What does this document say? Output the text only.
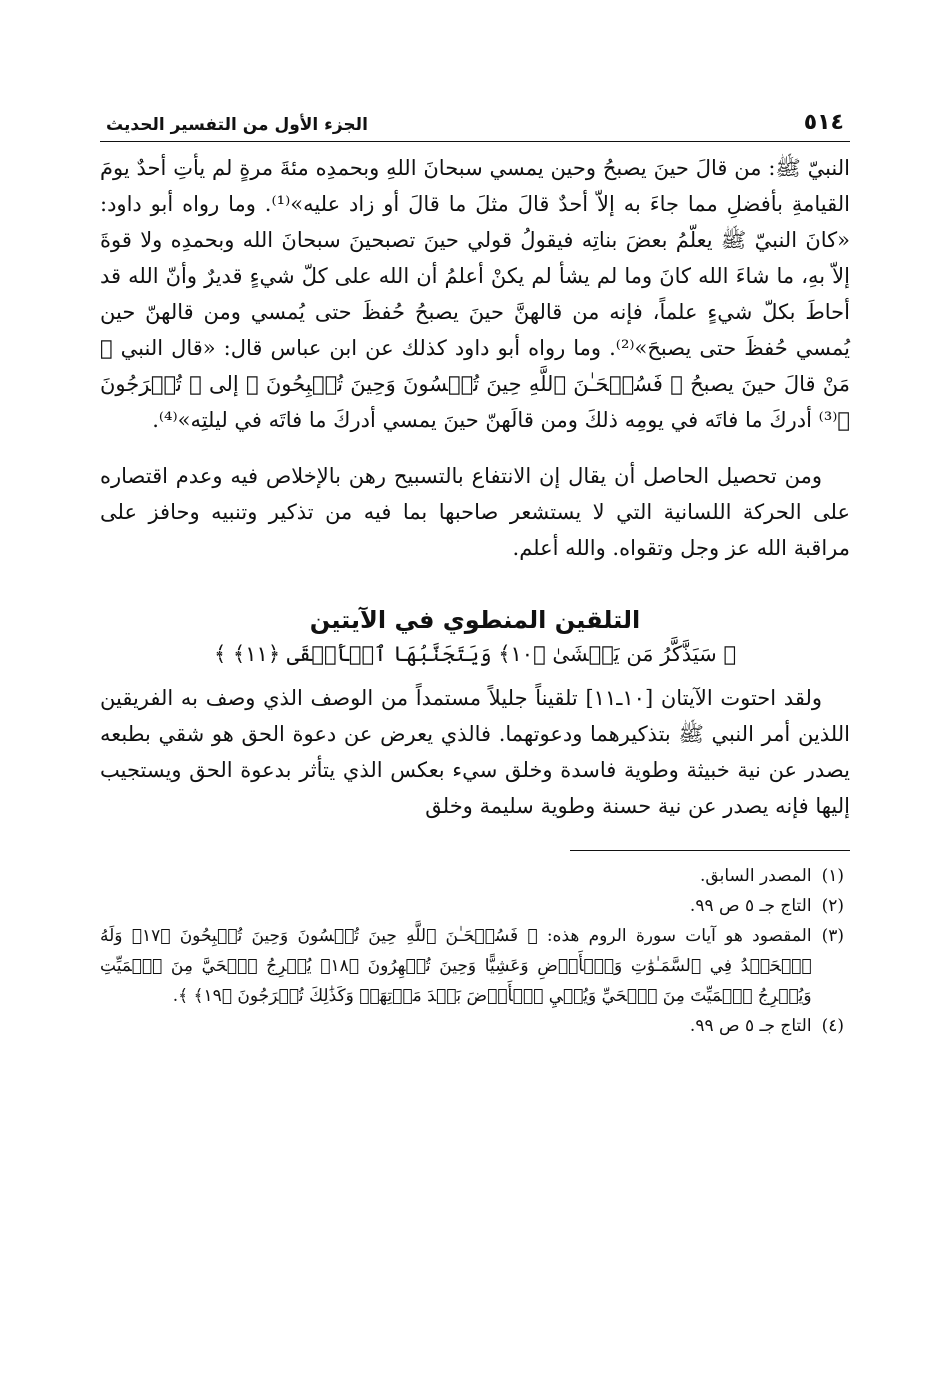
٥١٤
الجزء الأول من التفسير الحديث

النبيّ ﷺ: من قالَ حينَ يصبحُ وحين يمسي سبحانَ اللهِ وبحمدِه مئةَ مرةٍ لم يأتِ أحدٌ يومَ القيامةِ بأفضلِ مما جاءَ به إلاّ أحدٌ قالَ مثلَ ما قالَ أو زاد عليه»⁽¹⁾. وما رواه أبو داود: «كانَ النبيّ ﷺ يعلّمُ بعضَ بناتِه فيقولُ قولي حينَ تصبحينَ سبحانَ الله وبحمدِه ولا قوةَ إلاّ بهِ، ما شاءَ الله كانَ وما لم يشأ لم يكنْ أعلمُ أن الله على كلّ شيءٍ قديرٌ وأنّ الله قد أحاطَ بكلّ شيءٍ علماً، فإنه من قالهنَّ حينَ يصبحُ حُفظَ حتى يُمسي ومن قالهنّ حين يُمسي حُفظَ حتى يصبحَ»⁽²⁾. وما رواه أبو داود كذلك عن ابن عباس قال: «قال النبي ﷺ مَنْ قالَ حينَ يصبحُ ﴿ فَسُبۡحَـٰنَ ٱللَّهِ حِينَ تُمۡسُونَ وَحِينَ تُصۡبِحُونَ ﴾ إلى ﴿ تُخۡرَجُونَ ﴾⁽³⁾ أدركَ ما فاتَه في يومِه ذلكَ ومن قالَهنّ حينَ يمسي أدركَ ما فاتَه في ليلتِه»⁽⁴⁾.

ومن تحصيل الحاصل أن يقال إن الانتفاع بالتسبيح رهن بالإخلاص فيه وعدم اقتصاره على الحركة اللسانية التي لا يستشعر صاحبها بما فيه من تذكير وتنبيه وحافز على مراقبة الله عز وجل وتقواه. والله أعلم.

التلقين المنطوي في الآيتين
﴿ سَيَذَّكَّرُ مَن يَخۡشَىٰ ﴿١٠﴾ وَيَتَجَنَّبُهَا ٱلۡأَشۡقَى ﴿١١﴾ ﴾

ولقد احتوت الآيتان [١٠ـ١١] تلقيناً جليلاً مستمداً من الوصف الذي وصف به الفريقين اللذين أمر النبي ﷺ بتذكيرهما ودعوتهما. فالذي يعرض عن دعوة الحق هو شقي بطبعه يصدر عن نية خبيثة وطوية فاسدة وخلق سيء بعكس الذي يتأثر بدعوة الحق ويستجيب إليها فإنه يصدر عن نية حسنة وطوية سليمة وخلق

(١)
المصدر السابق.
(٢)
التاج جـ ٥ ص ٩٩.
(٣)
المقصود هو آيات سورة الروم هذه: ﴿ فَسُبۡحَـٰنَ ٱللَّهِ حِينَ تُمۡسُونَ وَحِينَ تُصۡبِحُونَ ﴿١٧﴾ وَلَهُ ٱلۡحَمۡدُ فِي ٱلسَّمَـٰوَٰتِ وَٱلۡأَرۡضِ وَعَشِيًّا وَحِينَ تُظۡهِرُونَ ﴿١٨﴾ يُخۡرِجُ ٱلۡحَيَّ مِنَ ٱلۡمَيِّتِ وَيُخۡرِجُ ٱلۡمَيِّتَ مِنَ ٱلۡحَيِّ وَيُحۡيِ ٱلۡأَرۡضَ بَعۡدَ مَوۡتِهَاۚ وَكَذَٰلِكَ تُخۡرَجُونَ ﴿١٩﴾ ﴾.
(٤)
التاج جـ ٥ ص ٩٩.
